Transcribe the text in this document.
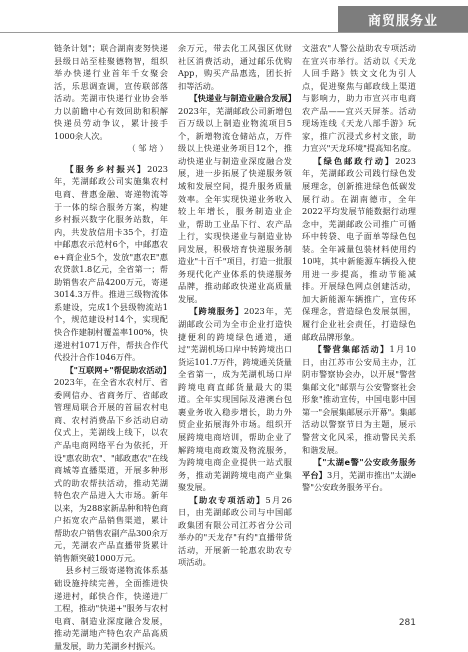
商贸服务业

链条计划"；联合湖南麦努快递县级日站至桂聚德物智，组织举办快递行业首年千女聚会活，乐思调查调，宣传联部落活动。芜湖市快递行业协会举力以前瞻中心有效回助和积解快递员劳动争议，累计接手1000余人次。

（ 邹 培 ）

【服务乡村振兴】2023年，芜湖邮政公司实施集农村电商、普惠金融、寄递物流等于一体的综合服务方案，构建乡村振兴数字化服务站数，年内，共发放信用卡35个，打造中邮惠农示范村6个，中邮惠农e+商企业5个，发放"惠农E"惠农贷款1.8亿元，全省第一；帮助销售农产品4200万元，寄递3014.3万件。推进三级物流体系建设，完成1个县级物流站1个，规范建设村14个，实现配快合作建制村覆盖率100%，快递进村1071万件，帮扶合作代代投汁合作1046万件。

【"互联网+"帮促助农活动】2023年，在全省水农村厅、省委网信办、省商务厅、省邮政管理局联合开展的首届农村电商、农村消费品下乡活动启动仪式上，芜湖线上线下，以农产品电商网络平台为依托，开设"惠农助农"、"邮政惠农"在线商城等直播渠道，开展多种形式的助农帮扶活动，推动芜湖特色农产品进入大市场。新年以来，为288家新品种和特色商户拓宽农产品销售渠道，累计帮助农户销售农副产品300余万元，芜湖农产品直播带货累计销售额突破1000万元。

县乡村三级寄递物流体系基础设施持续完善，全面推进快递进村，邮快合作，快递进厂工程，推动"快递+"服务与农村电商、制造业深度融合发展，推动芜湖地产特色农产品高质量发展，助力芜湖乡村振兴。

余万元，带去化工风强区优财社区消费活动，通过邮乐优购App，购买产品惠选，团长折扣等活动。

【快递业与制造业融合发展】2023年，芜湖邮政公司新增包百万级以上制造业物流项目5个，新增物流仓储站点，万件级以上快递业务项目12个，推动快递业与制造业深度融合发展，进一步拓展了快递服务领域和发展空间，提升服务质量效率。全年实现快递业务收入较上年增长，服务制造业企业，帮助工业品下行、农产品上行，实现快递业与制造业协同发展，积极培育快递服务制造业"十百千"项目，打造一批服务现代化产业体系的快递服务品牌，推动邮政快递业高质量发展。

【跨境服务】2023年，芜湖邮政公司为全市企业打造快捷便利的跨境绿色通道，通过"芜湖机场口岸中转跨境出口货运101.7万件，跨境通关货量全省第一，成为芜湖机场口岸跨境电商直邮货量最大的渠道。全年实现国际及港澳台包裹业务收入稳步增长，助力外贸企业拓展海外市场。组织开展跨境电商培训，帮助企业了解跨境电商政策及物流服务，为跨境电商企业提供一站式服务，推动芜湖跨境电商产业集聚发展。

【助农专项活动】5月26日，由芜湖邮政公司与中国邮政集团有限公司江苏省分公司举办的"天龙存"有约"直播带货活动，开展新一轮惠农助农专项活动。

文滋农"人警公益助农专项活动在宣兴市举行。活动以《天龙人回手路》铁文文化为引人点，促进聚焦与邮政线上渠道与影响力，助力市宣兴市电商农产品——宜兴天屏茶。活动现场连线《天龙八部手游》玩家，推广沉浸式乡村文旅，助力宣兴"天龙环境"提高知名度。

【绿色邮政行动】2023年，芜湖邮政公司践行绿色发展理念，创新推进绿色低碳发展行动。在湖南德市，全年2022平均发展节能数据行动理念中，芜湖邮政公司推广可循环中转袋、电子面单等绿色包装。全年减量包装材料使用约10吨，其中新能源车辆投入使用进一步提高，推动节能减排。开展绿色网点创建活动，加大新能源车辆推广，宣传环保理念，营造绿色发展氛围，履行企业社会责任，打造绿色邮政品牌形象。

【警营集邮活动】1月10日，由江苏市公安局主办，江阴市警察协会办，以开展"警营集邮文化"邮票与公安警察社会形象"推动宣传，中国电影中国第一"会展集邮展示开幕"。集邮活动以警察节日为主题，展示警营文化风采，推动警民关系和谐发展。

【"太湖e警"公安政务服务平台】3月，芜湖市推出"太湖e警"公安政务服务平台。

281
